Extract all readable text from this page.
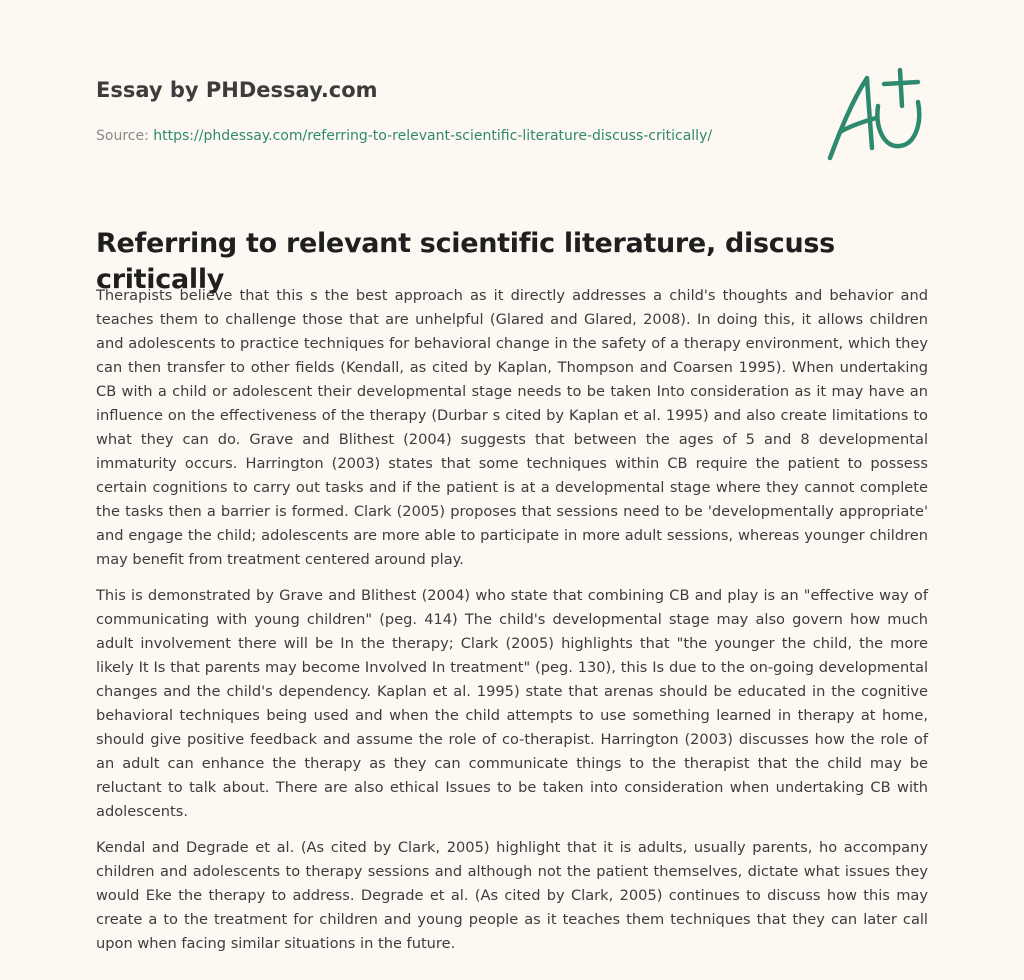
Essay by PHDessay.com
Source: https://phdessay.com/referring-to-relevant-scientific-literature-discuss-critically/
Referring to relevant scientific literature, discuss critically

Therapists believe that this s the best approach as it directly addresses a child's thoughts and behavior and teaches them to challenge those that are unhelpful (Glared and Glared, 2008). In doing this, it allows children and adolescents to practice techniques for behavioral change in the safety of a therapy environment, which they can then transfer to other fields (Kendall, as cited by Kaplan, Thompson and Coarsen 1995). When undertaking CB with a child or adolescent their developmental stage needs to be taken Into consideration as it may have an influence on the effectiveness of the therapy (Durbar s cited by Kaplan et al. 1995) and also create limitations to what they can do. Grave and Blithest (2004) suggests that between the ages of 5 and 8 developmental immaturity occurs. Harrington (2003) states that some techniques within CB require the patient to possess certain cognitions to carry out tasks and if the patient is at a developmental stage where they cannot complete the tasks then a barrier is formed. Clark (2005) proposes that sessions need to be 'developmentally appropriate' and engage the child; adolescents are more able to participate in more adult sessions, whereas younger children may benefit from treatment centered around play.

This is demonstrated by Grave and Blithest (2004) who state that combining CB and play is an "effective way of communicating with young children" (peg. 414) The child's developmental stage may also govern how much adult involvement there will be In the therapy; Clark (2005) highlights that "the younger the child, the more likely It Is that parents may become Involved In treatment" (peg. 130), this Is due to the on-going developmental changes and the child's dependency. Kaplan et al. 1995) state that arenas should be educated in the cognitive behavioral techniques being used and when the child attempts to use something learned in therapy at home, should give positive feedback and assume the role of co-therapist. Harrington (2003) discusses how the role of an adult can enhance the therapy as they can communicate things to the therapist that the child may be reluctant to talk about. There are also ethical Issues to be taken into consideration when undertaking CB with adolescents.

Kendal and Degrade et al. (As cited by Clark, 2005) highlight that it is adults, usually parents, ho accompany children and adolescents to therapy sessions and although not the patient themselves, dictate what issues they would Eke the therapy to address. Degrade et al. (As cited by Clark, 2005) continues to discuss how this may create a to the treatment for children and young people as it teaches them techniques that they can later call upon when facing similar situations in the future.
